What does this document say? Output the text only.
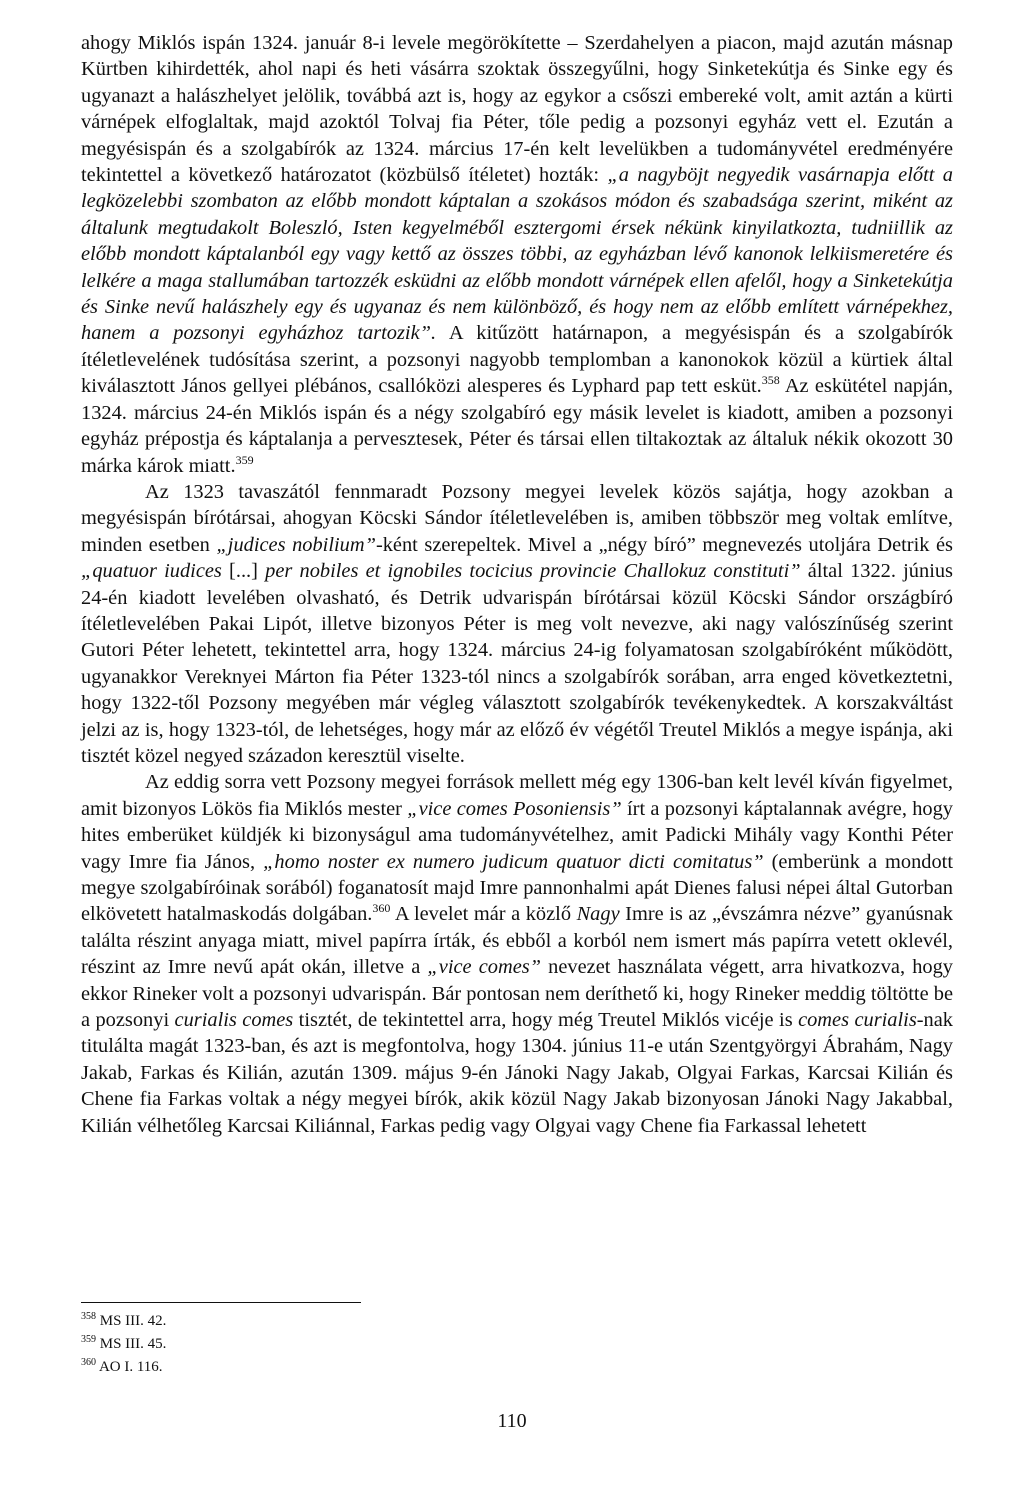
ahogy Miklós ispán 1324. január 8-i levele megörökítette – Szerdahelyen a piacon, majd azután másnap Kürtben kihirdették, ahol napi és heti vásárra szoktak összegyűlni, hogy Sinketekútja és Sinke egy és ugyanazt a halászhelyet jelölik, továbbá azt is, hogy az egykor a csőszi embereké volt, amit aztán a kürti várnépek elfoglaltak, majd azoktól Tolvaj fia Péter, tőle pedig a pozsonyi egyház vett el. Ezután a megyésispán és a szolgabírók az 1324. március 17-én kelt levelükben a tudományvétel eredményére tekintettel a következő határozatot (közbülső ítéletet) hozták: „a nagyböjt negyedik vasárnapja előtt a legközelebbi szombaton az előbb mondott káptalan a szokásos módon és szabadsága szerint, miként az általunk megtudakolt Boleszló, Isten kegyelméből esztergomi érsek nékünk kinyilatkozta, tudniillik az előbb mondott káptalanból egy vagy kettő az összes többi, az egyházban lévő kanonok lelkiismeretére és lelkére a maga stallumában tartozzék esküdni az előbb mondott várnépek ellen afelől, hogy a Sinketekútja és Sinke nevű halászhely egy és ugyanaz és nem különböző, és hogy nem az előbb említett várnépekhez, hanem a pozsonyi egyházhoz tartozik”. A kitűzött határnapon, a megyésispán és a szolgabírók ítéletlevelének tudósítása szerint, a pozsonyi nagyobb templomban a kanonokok közül a kürtiek által kiválasztott János gellyei plébános, csallóközi alesperes és Lyphard pap tett esküt.$^{358}$ Az eskütétel napján, 1324. március 24-én Miklós ispán és a négy szolgabíró egy másik levelet is kiadott, amiben a pozsonyi egyház prépostja és káptalanja a pervesztesek, Péter és társai ellen tiltakoztak az általuk nékik okozott 30 márka károk miatt.$^{359}$

Az 1323 tavaszától fennmaradt Pozsony megyei levelek közös sajátja, hogy azokban a megyésispán bírótársai, ahogyan Köcski Sándor ítéletlevelében is, amiben többször meg voltak említve, minden esetben „judices nobilium”-ként szerepeltek. Mivel a „négy bíró” megnevezés utoljára Detrik és „quatuor iudices [...] per nobiles et ignobiles tocicius provincie Challokuz constituti” által 1322. június 24-én kiadott levelében olvasható, és Detrik udvarispán bírótársai közül Köcski Sándor országbíró ítéletlevelében Pakai Lipót, illetve bizonyos Péter is meg volt nevezve, aki nagy valószínűség szerint Gutori Péter lehetett, tekintettel arra, hogy 1324. március 24-ig folyamatosan szolgabíróként működött, ugyanakkor Vereknyei Márton fia Péter 1323-tól nincs a szolgabírók sorában, arra enged következtetni, hogy 1322-től Pozsony megyében már végleg választott szolgabírók tevékenykedtek. A korszakváltást jelzi az is, hogy 1323-tól, de lehetséges, hogy már az előző év végétől Treutel Miklós a megye ispánja, aki tisztét közel negyed századon keresztül viselte.

Az eddig sorra vett Pozsony megyei források mellett még egy 1306-ban kelt levél kíván figyelmet, amit bizonyos Lökös fia Miklós mester „vice comes Posoniensis” írt a pozsonyi káptalannak avégre, hogy hites emberüket küldjék ki bizonyságul ama tudományvételhez, amit Padicki Mihály vagy Konthi Péter vagy Imre fia János, „homo noster ex numero judicum quatuor dicti comitatus” (emberünk a mondott megye szolgabíróinak sorából) foganatosít majd Imre pannonhalmi apát Dienes falusi népei által Gutorban elkövetett hatalmaskodás dolgában.$^{360}$ A levelet már a közlő Nagy Imre is az „évszámra nézve” gyanúsnak találta részint anyaga miatt, mivel papírra írták, és ebből a korból nem ismert más papírra vetett oklevél, részint az Imre nevű apát okán, illetve a „vice comes” nevezet használata végett, arra hivatkozva, hogy ekkor Rineker volt a pozsonyi udvarispán. Bár pontosan nem deríthető ki, hogy Rineker meddig töltötte be a pozsonyi curialis comes tisztét, de tekintettel arra, hogy még Treutel Miklós vicéje is comes curialis-nak titulálta magát 1323-ban, és azt is megfontolva, hogy 1304. június 11-e után Szentgyörgyi Ábrahám, Nagy Jakab, Farkas és Kilián, azután 1309. május 9-én Jánoki Nagy Jakab, Olgyai Farkas, Karcsai Kilián és Chene fia Farkas voltak a négy megyei bírók, akik közül Nagy Jakab bizonyosan Jánoki Nagy Jakabbal, Kilián vélhetőleg Karcsai Kiliánnal, Farkas pedig vagy Olgyai vagy Chene fia Farkassal lehetett

$^{358}$ MS III. 42.
$^{359}$ MS III. 45.
$^{360}$ AO I. 116.
110
